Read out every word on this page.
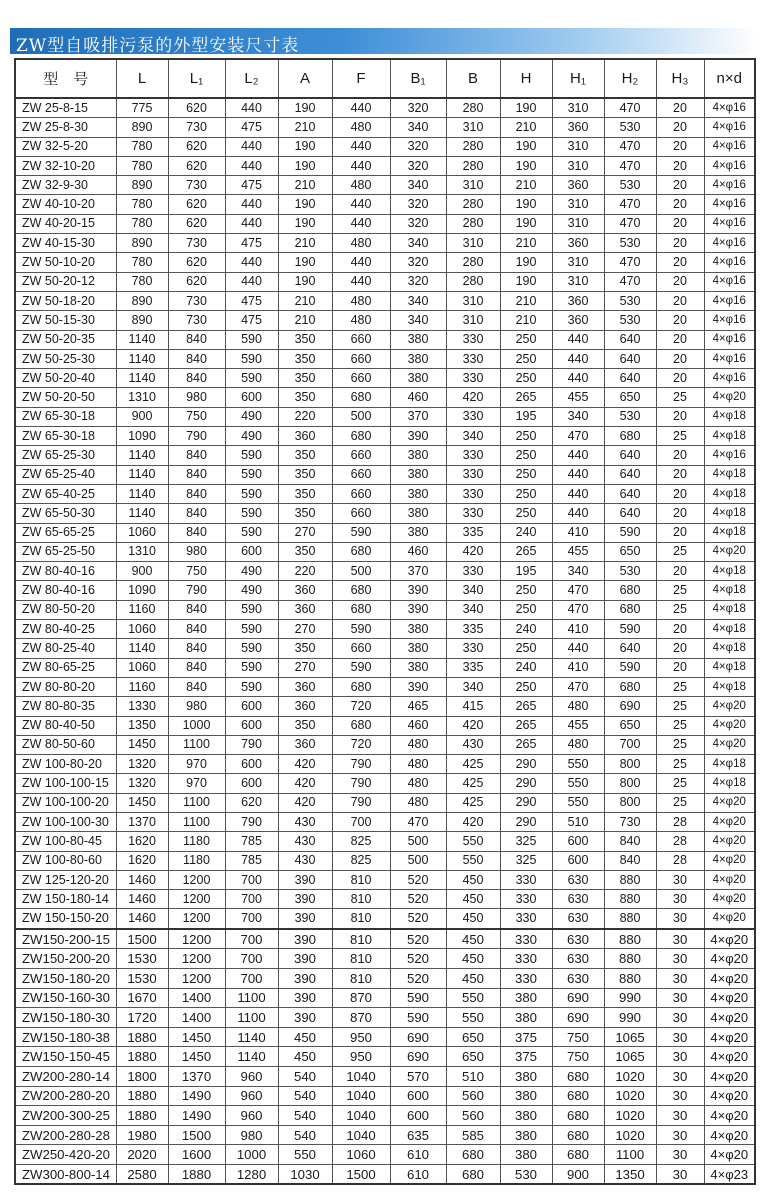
ZW型自吸排污泵的外型安装尺寸表
型　号	L	L₁	L₂	A	F	B₁	B	H	H₁	H₂	H₃	n×d
ZW 25-8-15	775	620	440	190	440	320	280	190	310	470	20	4×φ16
ZW 25-8-30	890	730	475	210	480	340	310	210	360	530	20	4×φ16
ZW 32-5-20	780	620	440	190	440	320	280	190	310	470	20	4×φ16
ZW 32-10-20	780	620	440	190	440	320	280	190	310	470	20	4×φ16
ZW 32-9-30	890	730	475	210	480	340	310	210	360	530	20	4×φ16
ZW 40-10-20	780	620	440	190	440	320	280	190	310	470	20	4×φ16
ZW 40-20-15	780	620	440	190	440	320	280	190	310	470	20	4×φ16
ZW 40-15-30	890	730	475	210	480	340	310	210	360	530	20	4×φ16
ZW 50-10-20	780	620	440	190	440	320	280	190	310	470	20	4×φ16
ZW 50-20-12	780	620	440	190	440	320	280	190	310	470	20	4×φ16
ZW 50-18-20	890	730	475	210	480	340	310	210	360	530	20	4×φ16
ZW 50-15-30	890	730	475	210	480	340	310	210	360	530	20	4×φ16
ZW 50-20-35	1140	840	590	350	660	380	330	250	440	640	20	4×φ16
ZW 50-25-30	1140	840	590	350	660	380	330	250	440	640	20	4×φ16
ZW 50-20-40	1140	840	590	350	660	380	330	250	440	640	20	4×φ16
ZW 50-20-50	1310	980	600	350	680	460	420	265	455	650	25	4×φ20
ZW 65-30-18	900	750	490	220	500	370	330	195	340	530	20	4×φ18
ZW 65-30-18	1090	790	490	360	680	390	340	250	470	680	25	4×φ18
ZW 65-25-30	1140	840	590	350	660	380	330	250	440	640	20	4×φ16
ZW 65-25-40	1140	840	590	350	660	380	330	250	440	640	20	4×φ18
ZW 65-40-25	1140	840	590	350	660	380	330	250	440	640	20	4×φ18
ZW 65-50-30	1140	840	590	350	660	380	330	250	440	640	20	4×φ18
ZW 65-65-25	1060	840	590	270	590	380	335	240	410	590	20	4×φ18
ZW 65-25-50	1310	980	600	350	680	460	420	265	455	650	25	4×φ20
ZW 80-40-16	900	750	490	220	500	370	330	195	340	530	20	4×φ18
ZW 80-40-16	1090	790	490	360	680	390	340	250	470	680	25	4×φ18
ZW 80-50-20	1160	840	590	360	680	390	340	250	470	680	25	4×φ18
ZW 80-40-25	1060	840	590	270	590	380	335	240	410	590	20	4×φ18
ZW 80-25-40	1140	840	590	350	660	380	330	250	440	640	20	4×φ18
ZW 80-65-25	1060	840	590	270	590	380	335	240	410	590	20	4×φ18
ZW 80-80-20	1160	840	590	360	680	390	340	250	470	680	25	4×φ18
ZW 80-80-35	1330	980	600	360	720	465	415	265	480	690	25	4×φ20
ZW 80-40-50	1350	1000	600	350	680	460	420	265	455	650	25	4×φ20
ZW 80-50-60	1450	1100	790	360	720	480	430	265	480	700	25	4×φ20
ZW 100-80-20	1320	970	600	420	790	480	425	290	550	800	25	4×φ18
ZW 100-100-15	1320	970	600	420	790	480	425	290	550	800	25	4×φ18
ZW 100-100-20	1450	1100	620	420	790	480	425	290	550	800	25	4×φ20
ZW 100-100-30	1370	1100	790	430	700	470	420	290	510	730	28	4×φ20
ZW 100-80-45	1620	1180	785	430	825	500	550	325	600	840	28	4×φ20
ZW 100-80-60	1620	1180	785	430	825	500	550	325	600	840	28	4×φ20
ZW 125-120-20	1460	1200	700	390	810	520	450	330	630	880	30	4×φ20
ZW 150-180-14	1460	1200	700	390	810	520	450	330	630	880	30	4×φ20
ZW 150-150-20	1460	1200	700	390	810	520	450	330	630	880	30	4×φ20
ZW150-200-15	1500	1200	700	390	810	520	450	330	630	880	30	4×φ20
ZW150-200-20	1530	1200	700	390	810	520	450	330	630	880	30	4×φ20
ZW150-180-20	1530	1200	700	390	810	520	450	330	630	880	30	4×φ20
ZW150-160-30	1670	1400	1100	390	870	590	550	380	690	990	30	4×φ20
ZW150-180-30	1720	1400	1100	390	870	590	550	380	690	990	30	4×φ20
ZW150-180-38	1880	1450	1140	450	950	690	650	375	750	1065	30	4×φ20
ZW150-150-45	1880	1450	1140	450	950	690	650	375	750	1065	30	4×φ20
ZW200-280-14	1800	1370	960	540	1040	570	510	380	680	1020	30	4×φ20
ZW200-280-20	1880	1490	960	540	1040	600	560	380	680	1020	30	4×φ20
ZW200-300-25	1880	1490	960	540	1040	600	560	380	680	1020	30	4×φ20
ZW200-280-28	1980	1500	980	540	1040	635	585	380	680	1020	30	4×φ20
ZW250-420-20	2020	1600	1000	550	1060	610	680	380	680	1100	30	4×φ20
ZW300-800-14	2580	1880	1280	1030	1500	610	680	530	900	1350	30	4×φ23
